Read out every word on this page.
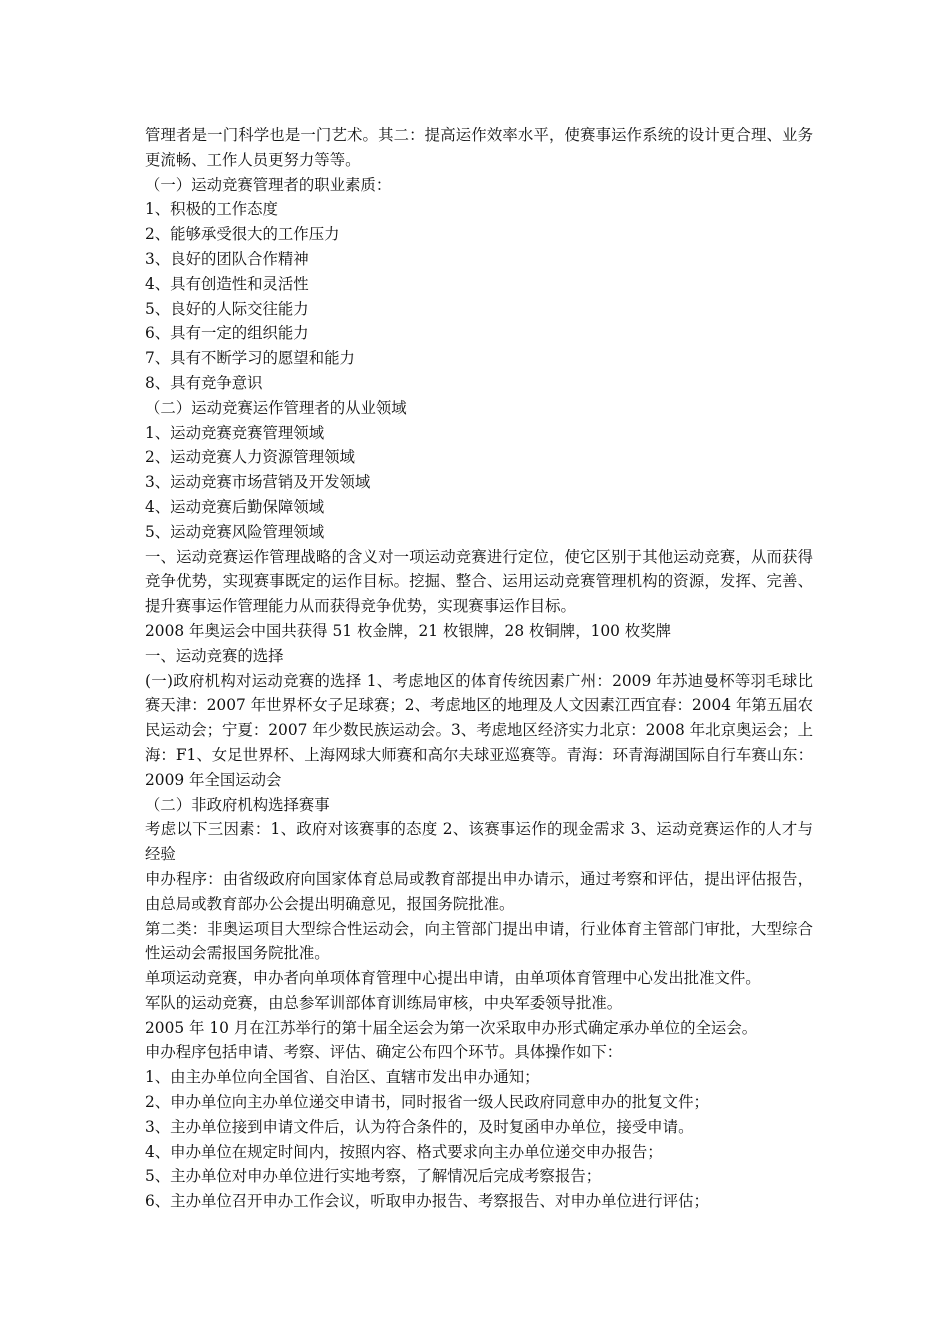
管理者是一门科学也是一门艺术。其二：提高运作效率水平，使赛事运作系统的设计更合理、业务更流畅、工作人员更努力等等。

（一）运动竞赛管理者的职业素质：

1、积极的工作态度

2、能够承受很大的工作压力

3、良好的团队合作精神

4、具有创造性和灵活性

5、良好的人际交往能力

6、具有一定的组织能力

7、具有不断学习的愿望和能力

8、具有竞争意识

（二）运动竞赛运作管理者的从业领域

1、运动竞赛竞赛管理领域

2、运动竞赛人力资源管理领域

3、运动竞赛市场营销及开发领域

4、运动竞赛后勤保障领域

5、运动竞赛风险管理领域

一、运动竞赛运作管理战略的含义对一项运动竞赛进行定位，使它区别于其他运动竞赛，从而获得竞争优势，实现赛事既定的运作目标。挖掘、整合、运用运动竞赛管理机构的资源，发挥、完善、提升赛事运作管理能力从而获得竞争优势，实现赛事运作目标。

2008 年奥运会中国共获得 51 枚金牌，21 枚银牌，28 枚铜牌，100 枚奖牌

一、运动竞赛的选择

(一)政府机构对运动竞赛的选择 1、考虑地区的体育传统因素广州：2009 年苏迪曼杯等羽毛球比赛天津：2007 年世界杯女子足球赛；2、考虑地区的地理及人文因素江西宜春：2004 年第五届农民运动会；宁夏：2007 年少数民族运动会。3、考虑地区经济实力北京：2008 年北京奥运会；上海：F1、女足世界杯、上海网球大师赛和高尔夫球亚巡赛等。青海：环青海湖国际自行车赛山东：2009 年全国运动会

（二）非政府机构选择赛事

考虑以下三因素：1、政府对该赛事的态度 2、该赛事运作的现金需求 3、运动竞赛运作的人才与经验

申办程序：由省级政府向国家体育总局或教育部提出申办请示，通过考察和评估，提出评估报告，由总局或教育部办公会提出明确意见，报国务院批准。

第二类：非奥运项目大型综合性运动会，向主管部门提出申请，行业体育主管部门审批，大型综合性运动会需报国务院批准。

单项运动竞赛，申办者向单项体育管理中心提出申请，由单项体育管理中心发出批准文件。

军队的运动竞赛，由总参军训部体育训练局审核，中央军委领导批准。

2005 年 10 月在江苏举行的第十届全运会为第一次采取申办形式确定承办单位的全运会。

申办程序包括申请、考察、评估、确定公布四个环节。具体操作如下：

1、由主办单位向全国省、自治区、直辖市发出申办通知；

2、申办单位向主办单位递交申请书，同时报省一级人民政府同意申办的批复文件；

3、主办单位接到申请文件后，认为符合条件的，及时复函申办单位，接受申请。

4、申办单位在规定时间内，按照内容、格式要求向主办单位递交申办报告；

5、主办单位对申办单位进行实地考察，了解情况后完成考察报告；

6、主办单位召开申办工作会议，听取申办报告、考察报告、对申办单位进行评估；
